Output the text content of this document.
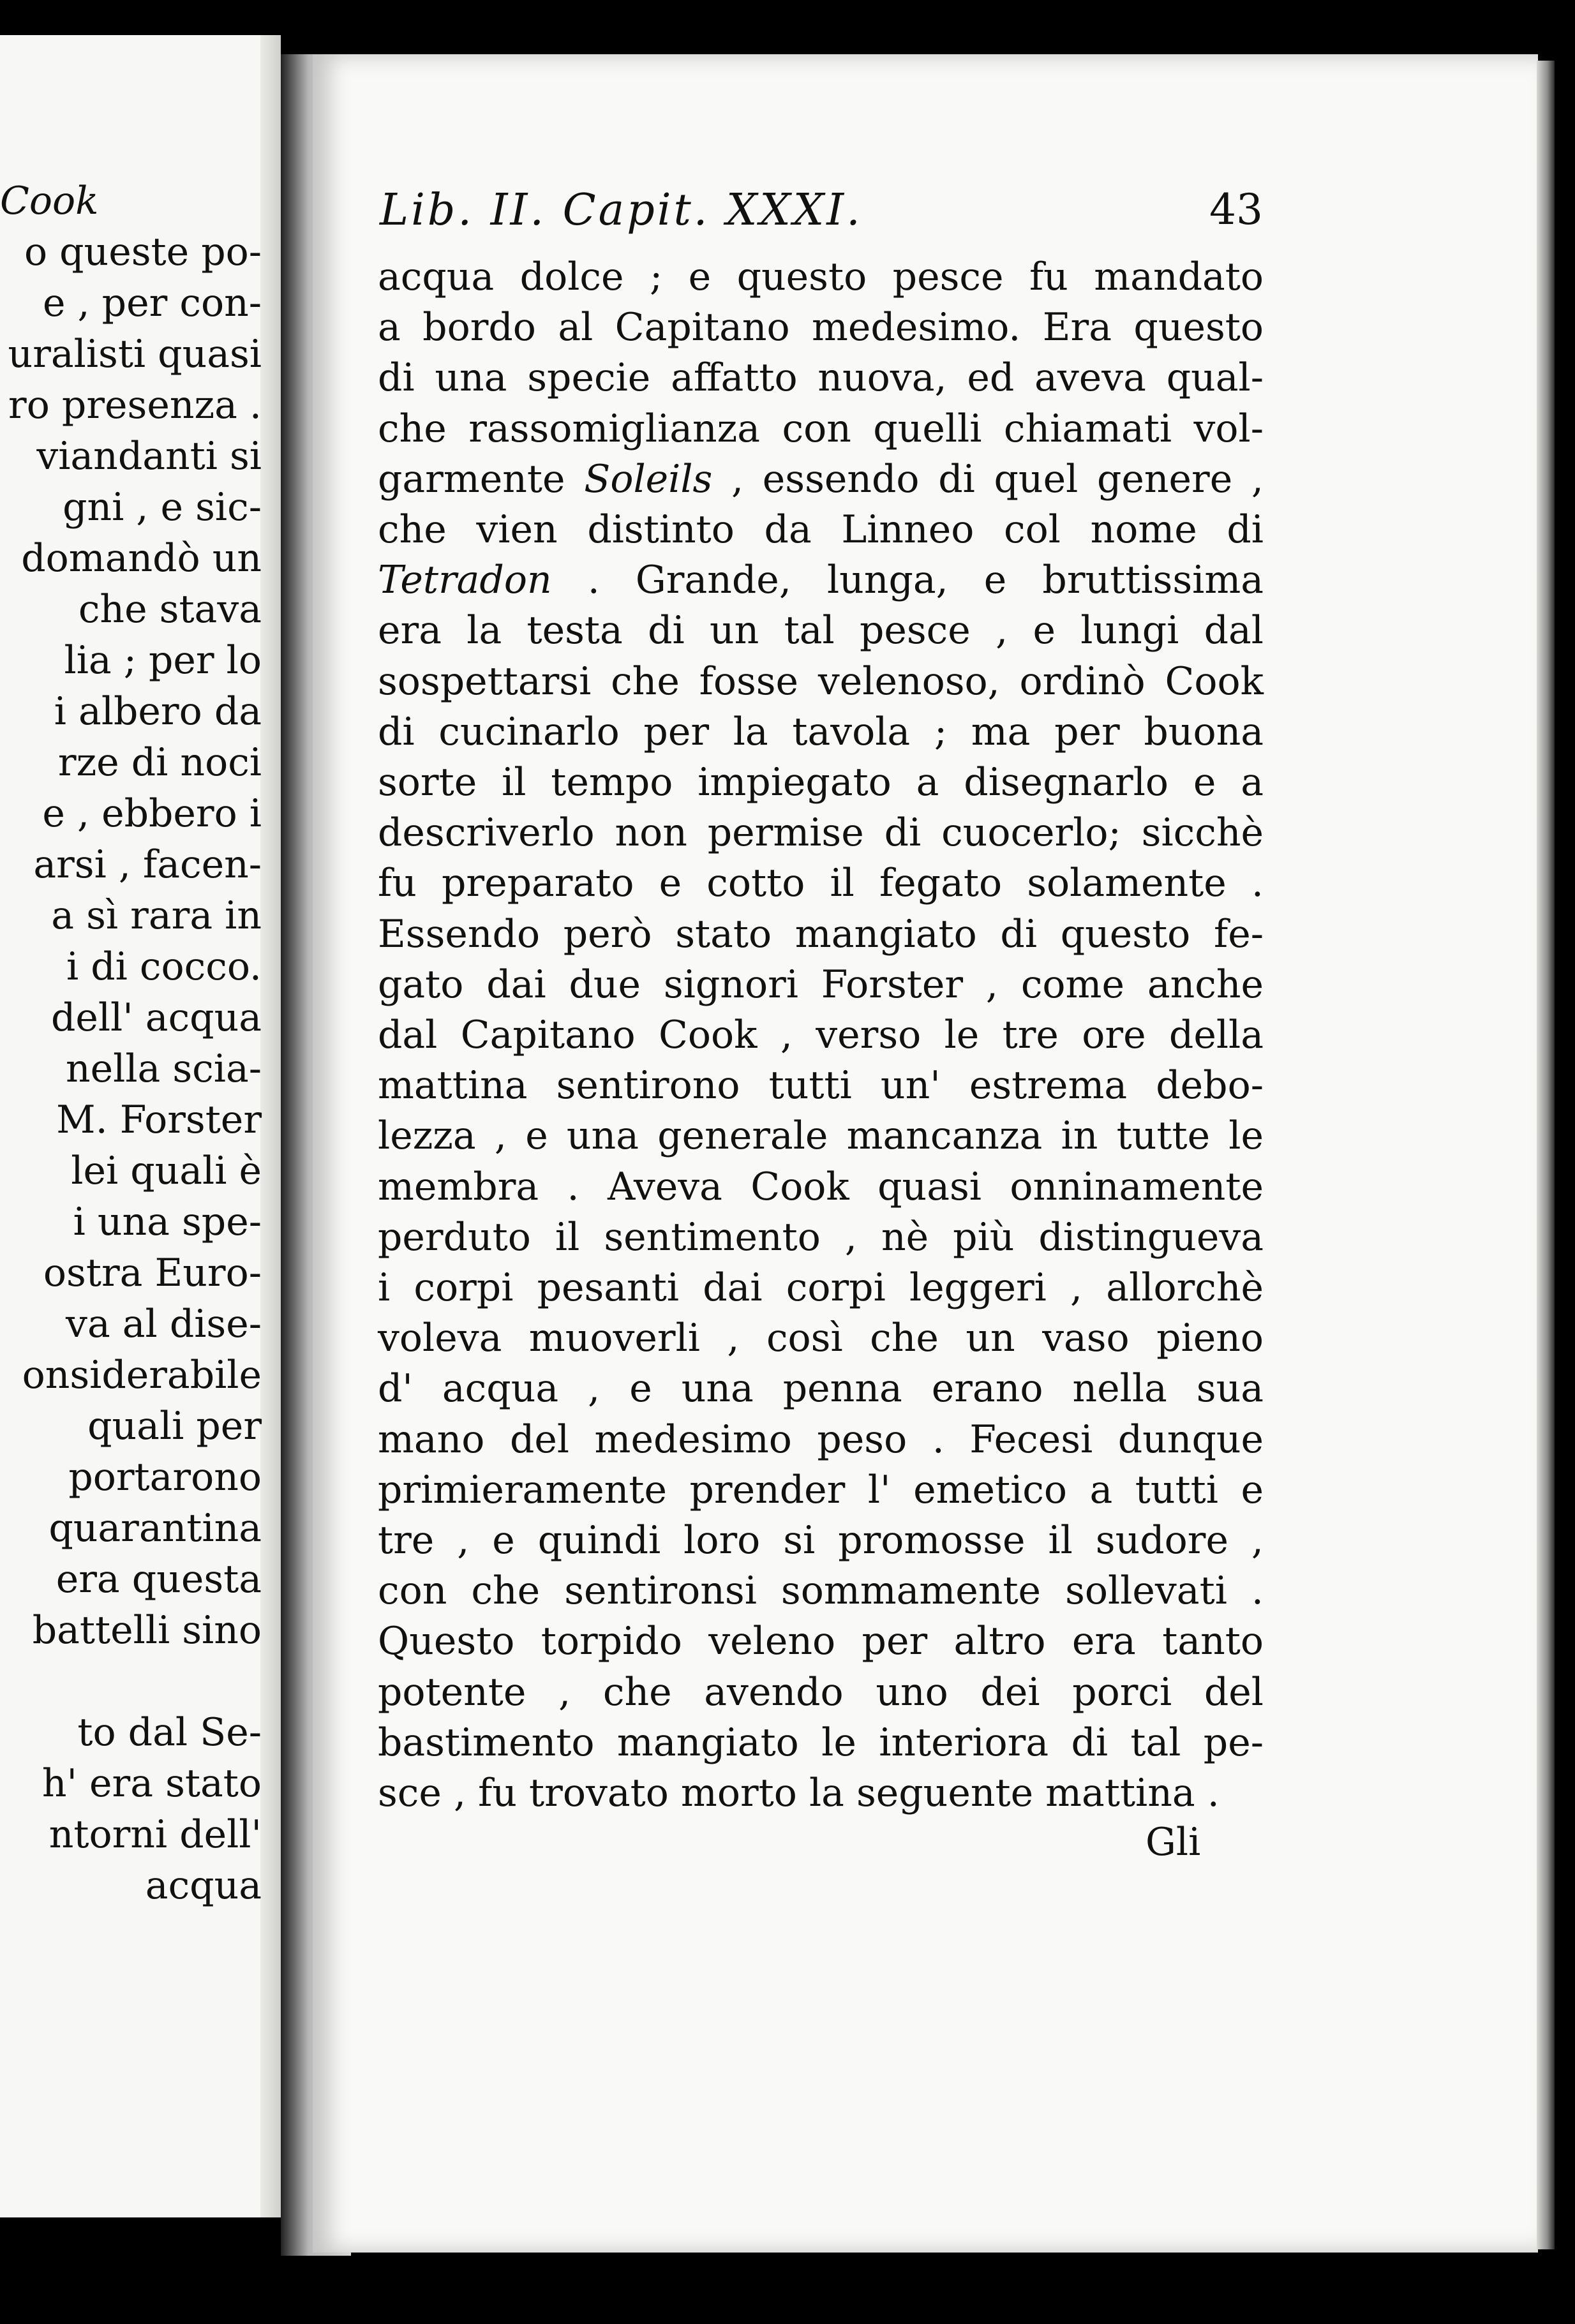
Cook
o queste po-
e , per con-
uralisti quasi
ro presenza .
viandanti si
gni , e sic-
domandò un
che stava
lia ; per lo
i albero da
rze di noci
e , ebbero i
arsi , facen-
a sì rara in
i di cocco.
dell' acqua
nella scia-
M. Forster
lei quali è
i una spe-
ostra Euro-
va al dise-
onsiderabile
quali per
portarono
quarantina
era questa
battelli sino
to dal Se-
h' era stato
ntorni dell'
acqua
Lib. II. Capit. XXXI.	43
acqua dolce ; e questo pesce fu mandato
a bordo al Capitano medesimo. Era questo
di una specie affatto nuova, ed aveva qual-
che rassomiglianza con quelli chiamati vol-
garmente Soleils , essendo di quel genere ,
che vien distinto da Linneo col nome di
Tetradon . Grande, lunga, e bruttissima
era la testa di un tal pesce , e lungi dal
sospettarsi che fosse velenoso, ordinò Cook
di cucinarlo per la tavola ; ma per buona
sorte il tempo impiegato a disegnarlo e a
descriverlo non permise di cuocerlo; sicchè
fu preparato e cotto il fegato solamente .
Essendo però stato mangiato di questo fe-
gato dai due signori Forster , come anche
dal Capitano Cook , verso le tre ore della
mattina sentirono tutti un' estrema debo-
lezza , e una generale mancanza in tutte le
membra . Aveva Cook quasi onninamente
perduto il sentimento , nè più distingueva
i corpi pesanti dai corpi leggeri , allorchè
voleva muoverli , così che un vaso pieno
d' acqua , e una penna erano nella sua
mano del medesimo peso . Fecesi dunque
primieramente prender l' emetico a tutti e
tre , e quindi loro si promosse il sudore ,
con che sentironsi sommamente sollevati .
Questo torpido veleno per altro era tanto
potente , che avendo uno dei porci del
bastimento mangiato le interiora di tal pe-
sce , fu trovato morto la seguente mattina .
Gli
